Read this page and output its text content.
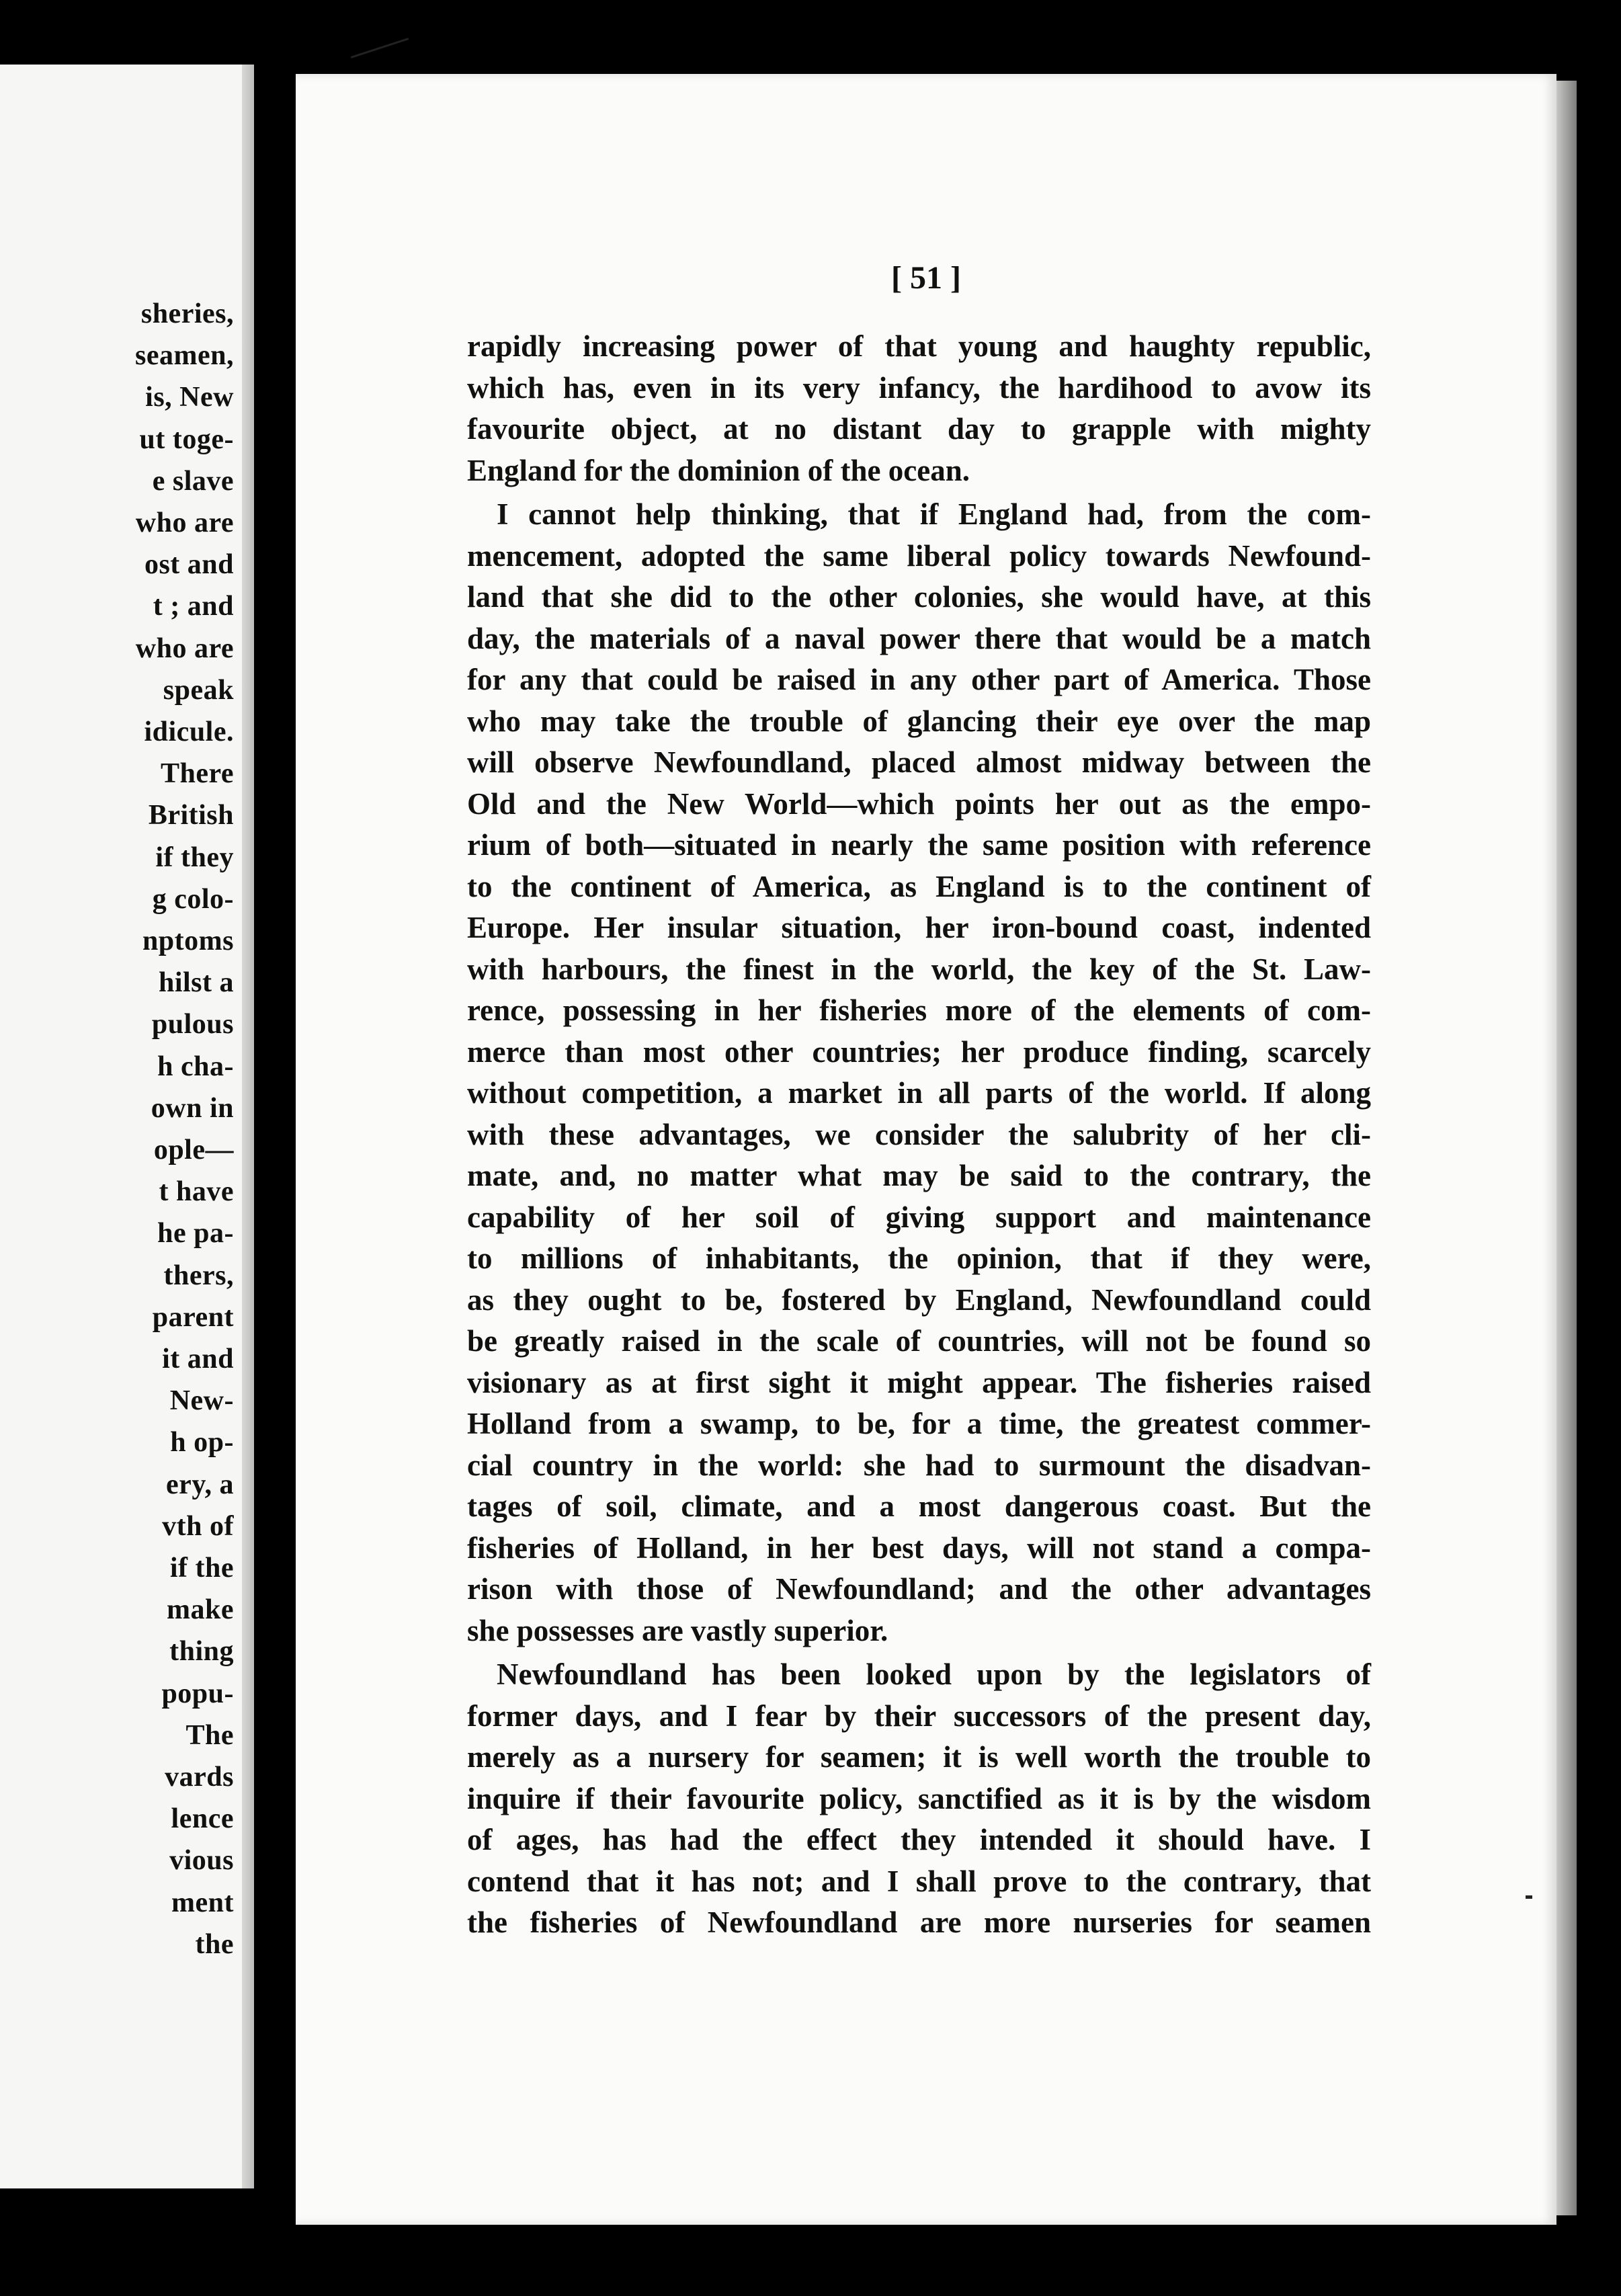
sheries,
seamen,
is, New
ut toge-
e slave
who are
ost and
t ; and
who are
speak
idicule.
There
British
if they
g colo-
nptoms
hilst a
pulous
h cha-
own in
ople—
t have
he pa-
thers,
parent
it and
New-
h op-
ery, a
vth of
if the
make
thing
popu-
The
vards
lence
vious
ment
the
[ 51 ]
rapidly increasing power of that young and haughty republic,
which has, even in its very infancy, the hardihood to avow its
favourite object, at no distant day to grapple with mighty
England for the dominion of the ocean.
I cannot help thinking, that if England had, from the com-
mencement, adopted the same liberal policy towards Newfound-
land that she did to the other colonies, she would have, at this
day, the materials of a naval power there that would be a match
for any that could be raised in any other part of America. Those
who may take the trouble of glancing their eye over the map
will observe Newfoundland, placed almost midway between the
Old and the New World—which points her out as the empo-
rium of both—situated in nearly the same position with reference
to the continent of America, as England is to the continent of
Europe. Her insular situation, her iron-bound coast, indented
with harbours, the finest in the world, the key of the St. Law-
rence, possessing in her fisheries more of the elements of com-
merce than most other countries; her produce finding, scarcely
without competition, a market in all parts of the world. If along
with these advantages, we consider the salubrity of her cli-
mate, and, no matter what may be said to the contrary, the
capability of her soil of giving support and maintenance
to millions of inhabitants, the opinion, that if they were,
as they ought to be, fostered by England, Newfoundland could
be greatly raised in the scale of countries, will not be found so
visionary as at first sight it might appear. The fisheries raised
Holland from a swamp, to be, for a time, the greatest commer-
cial country in the world: she had to surmount the disadvan-
tages of soil, climate, and a most dangerous coast. But the
fisheries of Holland, in her best days, will not stand a compa-
rison with those of Newfoundland; and the other advantages
she possesses are vastly superior.
Newfoundland has been looked upon by the legislators of
former days, and I fear by their successors of the present day,
merely as a nursery for seamen; it is well worth the trouble to
inquire if their favourite policy, sanctified as it is by the wisdom
of ages, has had the effect they intended it should have. I
contend that it has not; and I shall prove to the contrary, that
the fisheries of Newfoundland are more nurseries for seamen
